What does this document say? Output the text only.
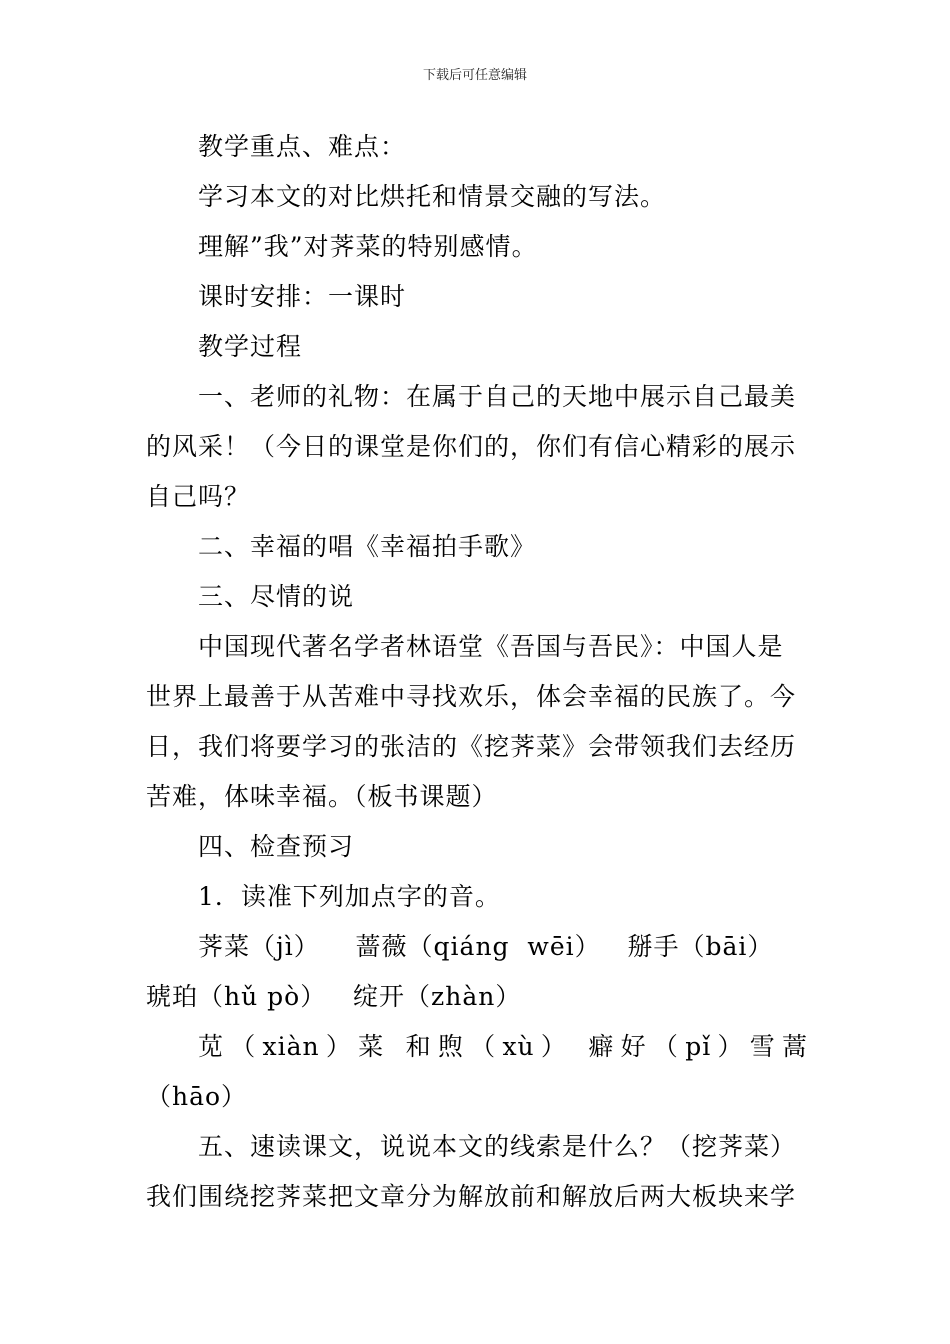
下载后可任意编辑

教学重点、难点：

学习本文的对比烘托和情景交融的写法。

理解”我”对荠菜的特别感情。

课时安排：一课时

教学过程

一、老师的礼物：在属于自己的天地中展示自己最美的风采！（今日的课堂是你们的，你们有信心精彩的展示自己吗？

二、幸福的唱《幸福拍手歌》

三、尽情的说

中国现代著名学者林语堂《吾国与吾民》：中国人是世界上最善于从苦难中寻找欢乐，体会幸福的民族了。今日，我们将要学习的张洁的《挖荠菜》会带领我们去经历苦难，体味幸福。（板书课题）

四、检查预习

1．读准下列加点字的音。

荠菜（jì）    蔷薇（qiáng  wēi）   掰手（bāi）

琥珀（hǔ pò）   绽开（zhàn）

苋（xiàn）菜 和煦（xù） 癖好（pǐ）雪蒿

（hāo）

五、速读课文，说说本文的线索是什么？（挖荠菜）

我们围绕挖荠菜把文章分为解放前和解放后两大板块来学
